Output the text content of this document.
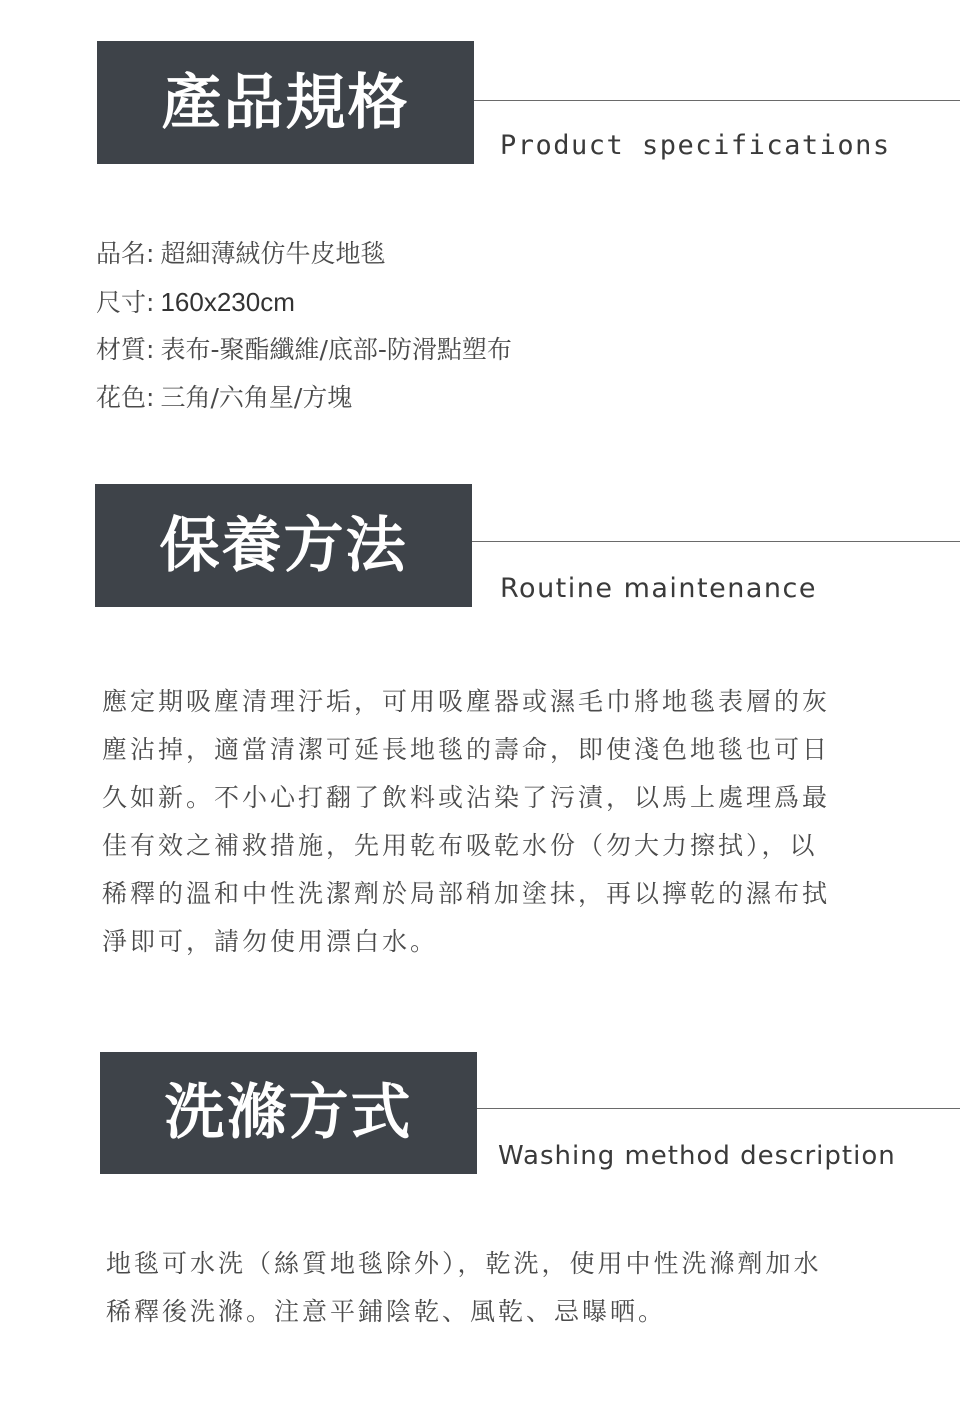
產品規格
Product specifications
品名: 超細薄絨仿牛皮地毯
尺寸: 160x230cm
材質: 表布-聚酯纖維/底部-防滑點塑布
花色: 三角/六角星/方塊
保養方法
Routine maintenance
應定期吸塵清理汙垢，可用吸塵器或濕毛巾將地毯表層的灰
塵沾掉，適當清潔可延長地毯的壽命，即使淺色地毯也可日
久如新。不小心打翻了飲料或沾染了污漬，以馬上處理爲最
佳有效之補救措施，先用乾布吸乾水份（勿大力擦拭），以
稀釋的溫和中性洗潔劑於局部稍加塗抹，再以擰乾的濕布拭
淨即可，請勿使用漂白水。
洗滌方式
Washing method description
地毯可水洗（絲質地毯除外），乾洗，使用中性洗滌劑加水
稀釋後洗滌。注意平鋪陰乾、風乾、忌曝晒。
